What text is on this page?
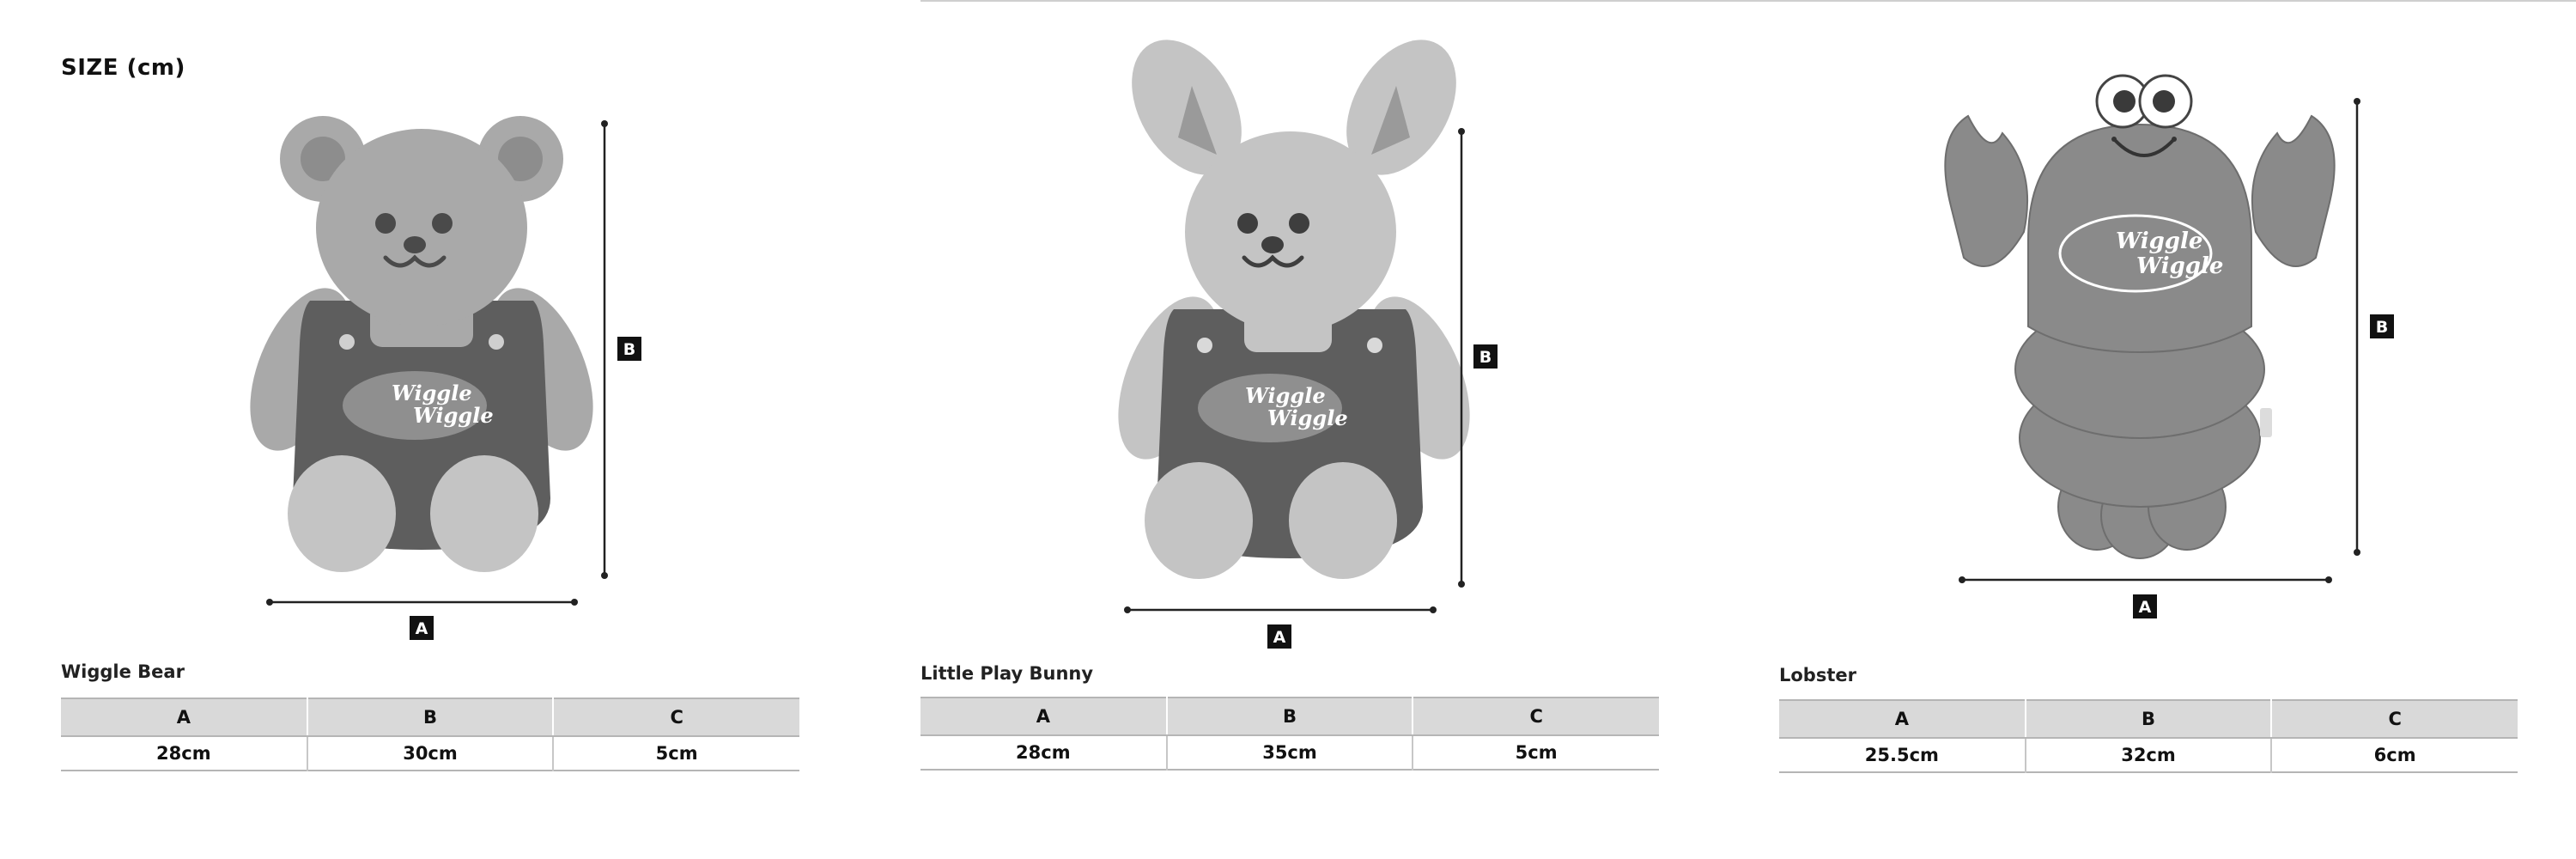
SIZE (cm)
Wiggle
Wiggle
B
A
Wiggle Bear
A	B	C
28cm	30cm	5cm
Wiggle
Wiggle
B
A
Little Play Bunny
A	B	C
28cm	35cm	5cm
Wiggle
Wiggle
B
A
Lobster
A	B	C
25.5cm	32cm	6cm
